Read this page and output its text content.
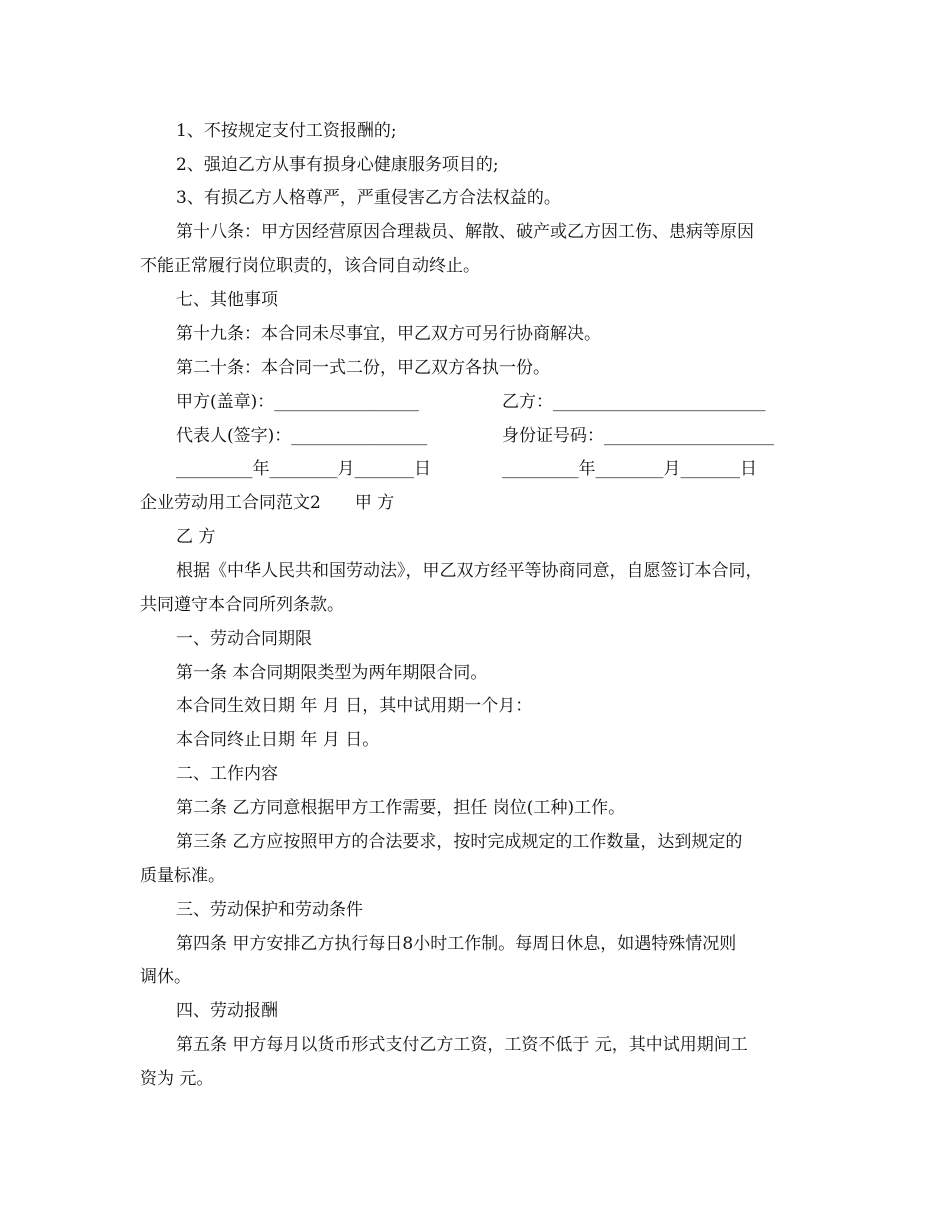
1、不按规定支付工资报酬的;
2、强迫乙方从事有损身心健康服务项目的;
3、有损乙方人格尊严，严重侵害乙方合法权益的。
第十八条：甲方因经营原因合理裁员、解散、破产或乙方因工伤、患病等原因
不能正常履行岗位职责的，该合同自动终止。
七、其他事项
第十九条：本合同未尽事宜，甲乙双方可另行协商解决。
第二十条：本合同一式二份，甲乙双方各执一份。
甲方(盖章)：_________________	乙方：_________________________
代表人(签字)：________________	身份证号码：____________________
_________年________月_______日	_________年________月_______日
企业劳动用工合同范文2　　甲 方
乙 方
根据《中华人民共和国劳动法》，甲乙双方经平等协商同意，自愿签订本合同，
共同遵守本合同所列条款。
一、劳动合同期限
第一条 本合同期限类型为两年期限合同。
本合同生效日期 年 月 日，其中试用期一个月：
本合同终止日期 年 月 日。
二、工作内容
第二条 乙方同意根据甲方工作需要，担任 岗位(工种)工作。
第三条 乙方应按照甲方的合法要求，按时完成规定的工作数量，达到规定的
质量标准。
三、劳动保护和劳动条件
第四条 甲方安排乙方执行每日8小时工作制。每周日休息，如遇特殊情况则
调休。
四、劳动报酬
第五条 甲方每月以货币形式支付乙方工资，工资不低于 元，其中试用期间工
资为 元。
